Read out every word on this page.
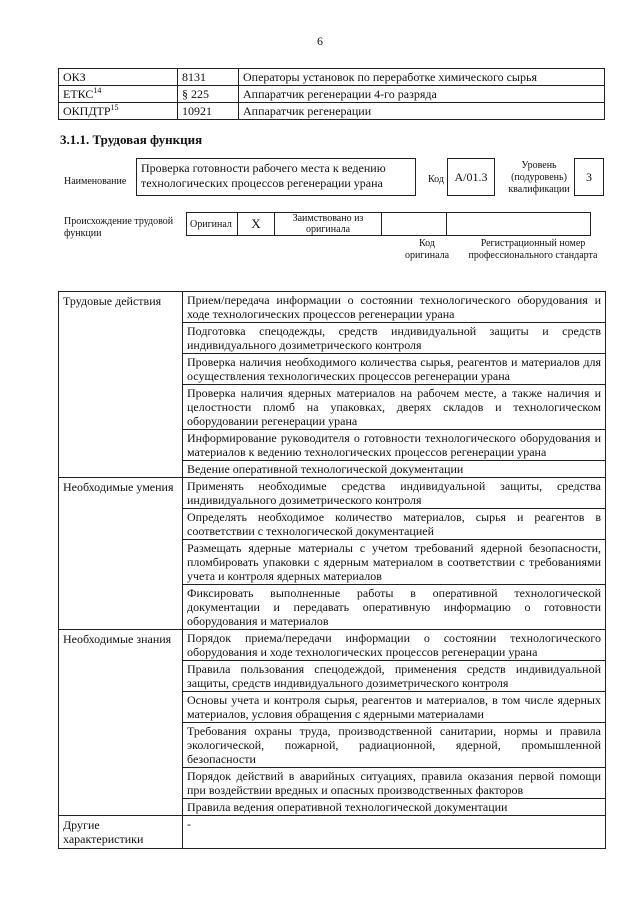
6
ОКЗ	8131	Операторы установок по переработке химического сырья
ЕТКС$^{14}$	§ 225	Аппаратчик регенерации 4-го разряда
ОКПДТР$^{15}$	10921	Аппаратчик регенерации
3.1.1. Трудовая функция
Наименование
Проверка готовности рабочего места к ведению технологических процессов регенерации урана	Код A/01.3
Уровень (подуровень) квалификации
3
Происхождение трудовой функции
Оригинал	X	Заимствовано из оригинала		
Код оригинала
Регистрационный номер профессионального стандарта
Трудовые действия	Прием/передача информации о состоянии технологического оборудования и ходе технологических процессов регенерации урана
	Подготовка спецодежды, средств индивидуальной защиты и средств индивидуального дозиметрического контроля
	Проверка наличия необходимого количества сырья, реагентов и материалов для осуществления технологических процессов регенерации урана
	Проверка наличия ядерных материалов на рабочем месте, а также наличия и целостности пломб на упаковках, дверях складов и технологическом оборудовании регенерации урана
	Информирование руководителя о готовности технологического оборудования и материалов к ведению технологических процессов регенерации урана
	Ведение оперативной технологической документации
Необходимые умения	Применять необходимые средства индивидуальной защиты, средства индивидуального дозиметрического контроля
	Определять необходимое количество материалов, сырья и реагентов в соответствии с технологической документацией
	Размещать ядерные материалы с учетом требований ядерной безопасности, пломбировать упаковки с ядерным материалом в соответствии с требованиями учета и контроля ядерных материалов
	Фиксировать выполненные работы в оперативной технологической документации и передавать оперативную информацию о готовности оборудования и материалов
Необходимые знания	Порядок приема/передачи информации о состоянии технологического оборудования и ходе технологических процессов регенерации урана
	Правила пользования спецодеждой, применения средств индивидуальной защиты, средств индивидуального дозиметрического контроля
	Основы учета и контроля сырья, реагентов и материалов, в том числе ядерных материалов, условия обращения с ядерными материалами
	Требования охраны труда, производственной санитарии, нормы и правила экологической, пожарной, радиационной, ядерной, промышленной безопасности
	Порядок действий в аварийных ситуациях, правила оказания первой помощи при воздействии вредных и опасных производственных факторов
	Правила ведения оперативной технологической документации
Другие характеристики	-
